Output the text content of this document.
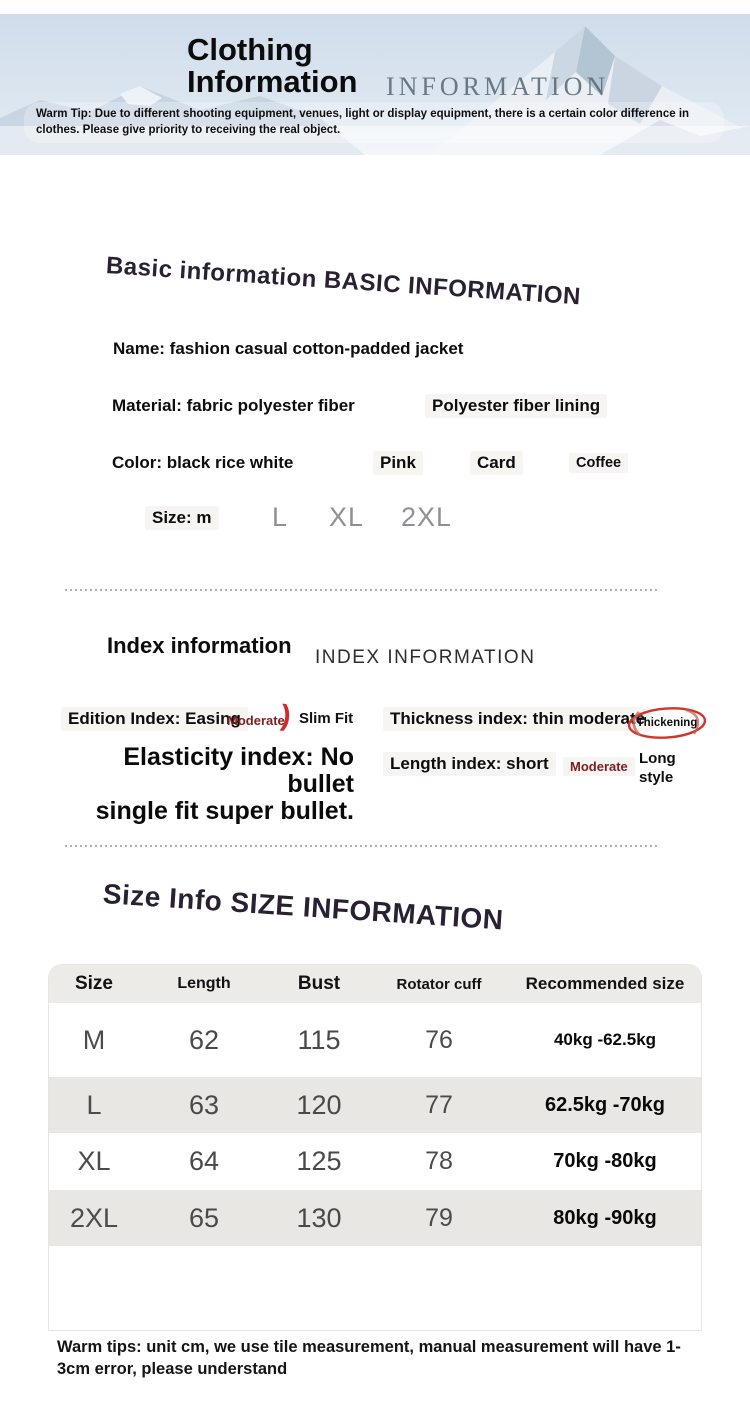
Clothing
Information INFORMATION
Warm Tip: Due to different shooting equipment, venues, light or display equipment, there is a certain color difference in clothes. Please give priority to receiving the real object.
Basic information BASIC INFORMATION
Name: fashion casual cotton-padded jacket
Material: fabric polyester fiber	Polyester fiber lining
Color: black rice white	Pink	Card	Coffee
Size: m L XL 2XL
Index information INDEX INFORMATION
Edition Index: Easing
Moderate
) Slim Fit	Thickness index: thin moderate
Thickening
Elasticity index: No bullet
single fit super bullet.
Length index: short	Moderate Long
style
Size Info SIZE INFORMATION
Size	Length	Bust	Rotator cuff	Recommended size
M	62	115	76	40kg -62.5kg
L	63	120	77	62.5kg -70kg
XL	64	125	78	70kg -80kg
2XL	65	130	79	80kg -90kg
Warm tips: unit cm, we use tile measurement, manual measurement will have 1-3cm error, please understand
